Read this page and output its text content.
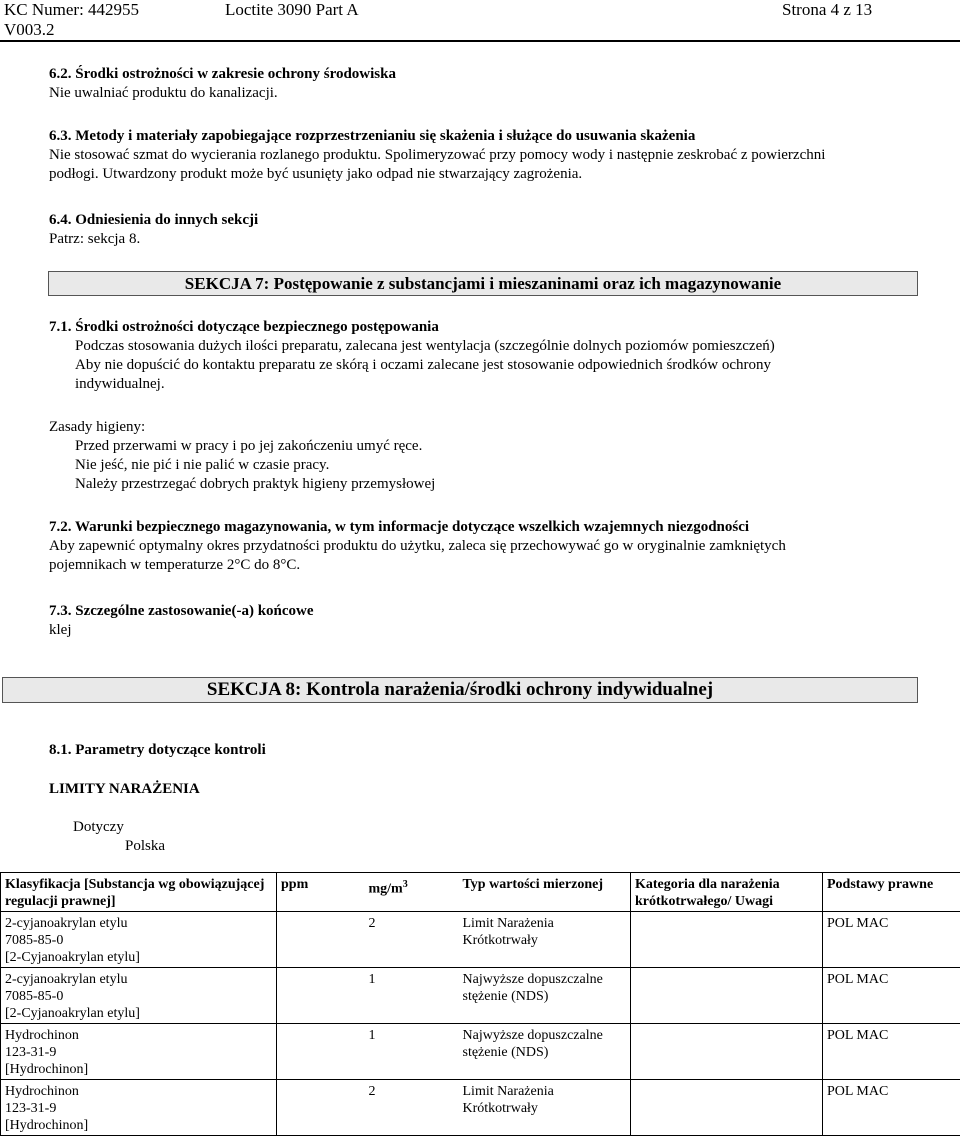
KC Numer: 442955	Loctite 3090 Part A	Strona 4 z 13
V003.2
6.2. Środki ostrożności w zakresie ochrony środowiska
Nie uwalniać produktu do kanalizacji.
6.3. Metody i materiały zapobiegające rozprzestrzenianiu się skażenia i służące do usuwania skażenia
Nie stosować szmat do wycierania rozlanego produktu. Spolimeryzować przy pomocy wody i następnie zeskrobać z powierzchni
podłogi. Utwardzony produkt może być usunięty jako odpad nie stwarzający zagrożenia.
6.4. Odniesienia do innych sekcji
Patrz: sekcja 8.
SEKCJA 7: Postępowanie z substancjami i mieszaninami oraz ich magazynowanie
7.1. Środki ostrożności dotyczące bezpiecznego postępowania
Podczas stosowania dużych ilości preparatu, zalecana jest wentylacja (szczególnie dolnych poziomów pomieszczeń)
Aby nie dopuścić do kontaktu preparatu ze skórą i oczami zalecane jest stosowanie odpowiednich środków ochrony
indywidualnej.
Zasady higieny:
Przed przerwami w pracy i po jej zakończeniu umyć ręce.
Nie jeść, nie pić i nie palić w czasie pracy.
Należy przestrzegać dobrych praktyk higieny przemysłowej
7.2. Warunki bezpiecznego magazynowania, w tym informacje dotyczące wszelkich wzajemnych niezgodności
Aby zapewnić optymalny okres przydatności produktu do użytku, zaleca się przechowywać go w oryginalnie zamkniętych
pojemnikach w temperaturze 2°C do 8°C.
7.3. Szczególne zastosowanie(-a) końcowe
klej
SEKCJA 8: Kontrola narażenia/środki ochrony indywidualnej
8.1. Parametry dotyczące kontroli
LIMITY NARAŻENIA
Dotyczy
Polska
Klasyfikacja [Substancja wg obowiązującej regulacji prawnej]	ppm	$mg/m^3$	Typ wartości mierzonej	Kategoria dla narażenia krótkotrwałego/ Uwagi	Podstawy prawne

2-cyjanoakrylan etylu
7085-85-0
[2-Cyjanoakrylan etylu]		2	Limit Narażenia
Krótkotrwały		POL MAC

2-cyjanoakrylan etylu
7085-85-0
[2-Cyjanoakrylan etylu]		1	Najwyższe dopuszczalne
stężenie (NDS)		POL MAC

Hydrochinon
123-31-9
[Hydrochinon]		1	Najwyższe dopuszczalne
stężenie (NDS)		POL MAC

Hydrochinon
123-31-9
[Hydrochinon]		2	Limit Narażenia
Krótkotrwały		POL MAC
